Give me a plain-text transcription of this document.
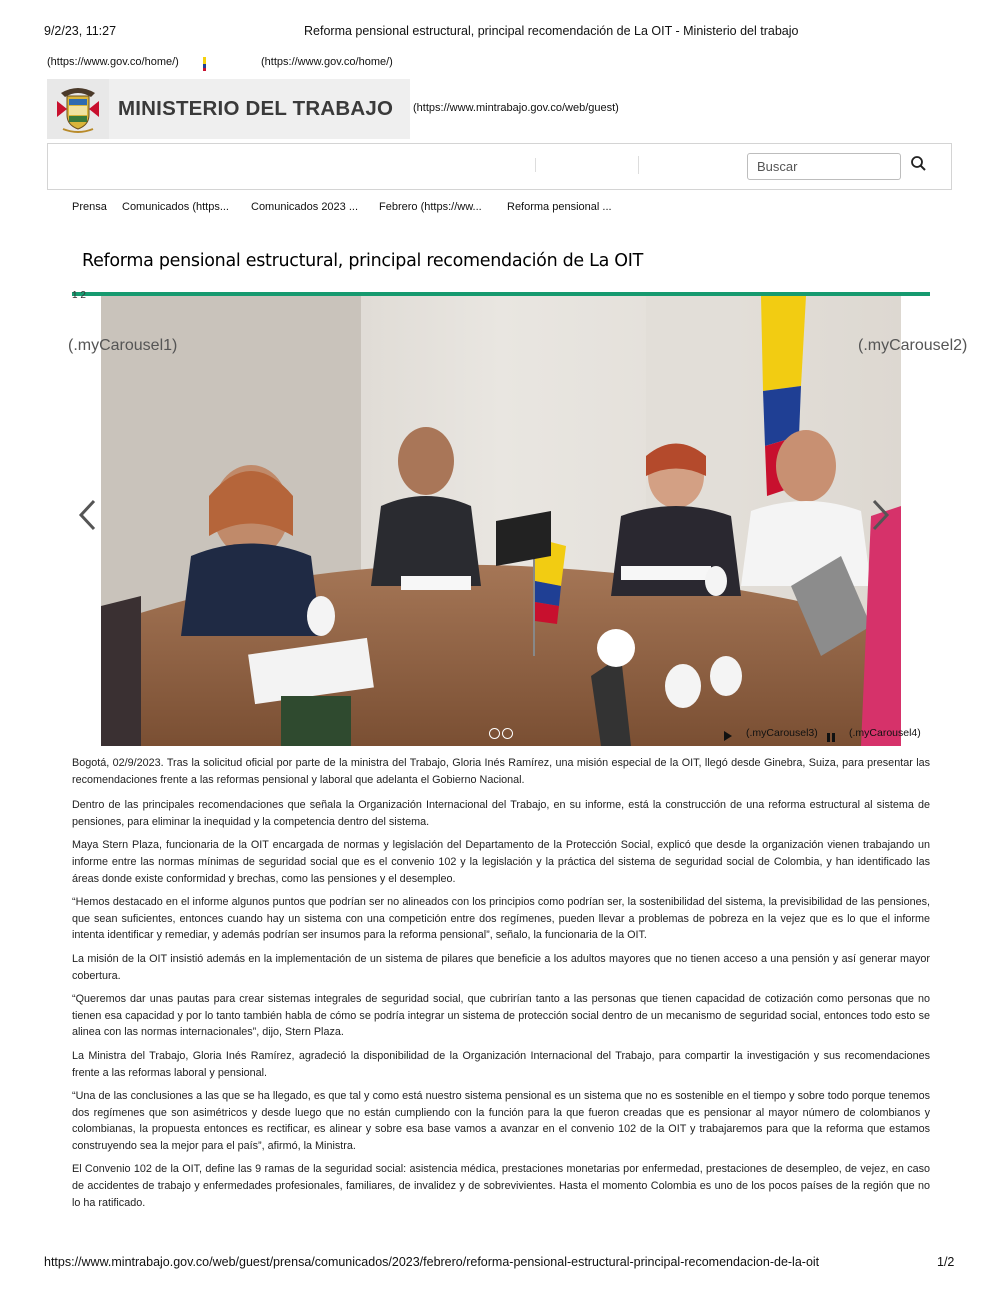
9/2/23, 11:27	Reforma pensional estructural, principal recomendación de La OIT - Ministerio del trabajo
(https://www.gov.co/home/)	(https://www.gov.co/home/)
MINISTERIO DEL TRABAJO (https://www.mintrabajo.gov.co/web/guest)
Buscar
Prensa Comunicados (https... Comunicados 2023 ... Febrero (https://ww... Reforma pensional ...
Reforma pensional estructural, principal recomendación de La OIT
1 2
(.myCarousel1)	(.myCarousel2)
(.myCarousel3)	(.myCarousel4)

Bogotá, 02/9/2023. Tras la solicitud oficial por parte de la ministra del Trabajo, Gloria Inés Ramírez, una misión especial de la OIT, llegó desde Ginebra, Suiza, para presentar las recomendaciones frente a las reformas pensional y laboral que adelanta el Gobierno Nacional.

Dentro de las principales recomendaciones que señala la Organización Internacional del Trabajo, en su informe, está la construcción de una reforma estructural al sistema de pensiones, para eliminar la inequidad y la competencia dentro del sistema.

Maya Stern Plaza, funcionaria de la OIT encargada de normas y legislación del Departamento de la Protección Social, explicó que desde la organización vienen trabajando un informe entre las normas mínimas de seguridad social que es el convenio 102 y la legislación y la práctica del sistema de seguridad social de Colombia, y han identificado las áreas donde existe conformidad y brechas, como las pensiones y el desempleo.

“Hemos destacado en el informe algunos puntos que podrían ser no alineados con los principios como podrían ser, la sostenibilidad del sistema, la previsibilidad de las pensiones, que sean suficientes, entonces cuando hay un sistema con una competición entre dos regímenes, pueden llevar a problemas de pobreza en la vejez que es lo que el informe intenta identificar y remediar, y además podrían ser insumos para la reforma pensional”, señalo, la funcionaria de la OIT.

La misión de la OIT insistió además en la implementación de un sistema de pilares que beneficie a los adultos mayores que no tienen acceso a una pensión y así generar mayor cobertura.

“Queremos dar unas pautas para crear sistemas integrales de seguridad social, que cubrirían tanto a las personas que tienen capacidad de cotización como personas que no tienen esa capacidad y por lo tanto también habla de cómo se podría integrar un sistema de protección social dentro de un mecanismo de seguridad social, entonces todo esto se alinea con las normas internacionales”, dijo, Stern Plaza.

La Ministra del Trabajo, Gloria Inés Ramírez, agradeció la disponibilidad de la Organización Internacional del Trabajo, para compartir la investigación y sus recomendaciones frente a las reformas laboral y pensional.

“Una de las conclusiones a las que se ha llegado, es que tal y como está nuestro sistema pensional es un sistema que no es sostenible en el tiempo y sobre todo porque tenemos dos regímenes que son asimétricos y desde luego que no están cumpliendo con la función para la que fueron creadas que es pensionar al mayor número de colombianos y colombianas, la propuesta entonces es rectificar, es alinear y sobre esa base vamos a avanzar en el convenio 102 de la OIT y trabajaremos para que la reforma que estamos construyendo sea la mejor para el país”, afirmó, la Ministra.

El Convenio 102 de la OIT, define las 9 ramas de la seguridad social: asistencia médica, prestaciones monetarias por enfermedad, prestaciones de desempleo, de vejez, en caso de accidentes de trabajo y enfermedades profesionales, familiares, de invalidez y de sobrevivientes. Hasta el momento Colombia es uno de los pocos países de la región que no lo ha ratificado.

https://www.mintrabajo.gov.co/web/guest/prensa/comunicados/2023/febrero/reforma-pensional-estructural-principal-recomendacion-de-la-oit	1/2
